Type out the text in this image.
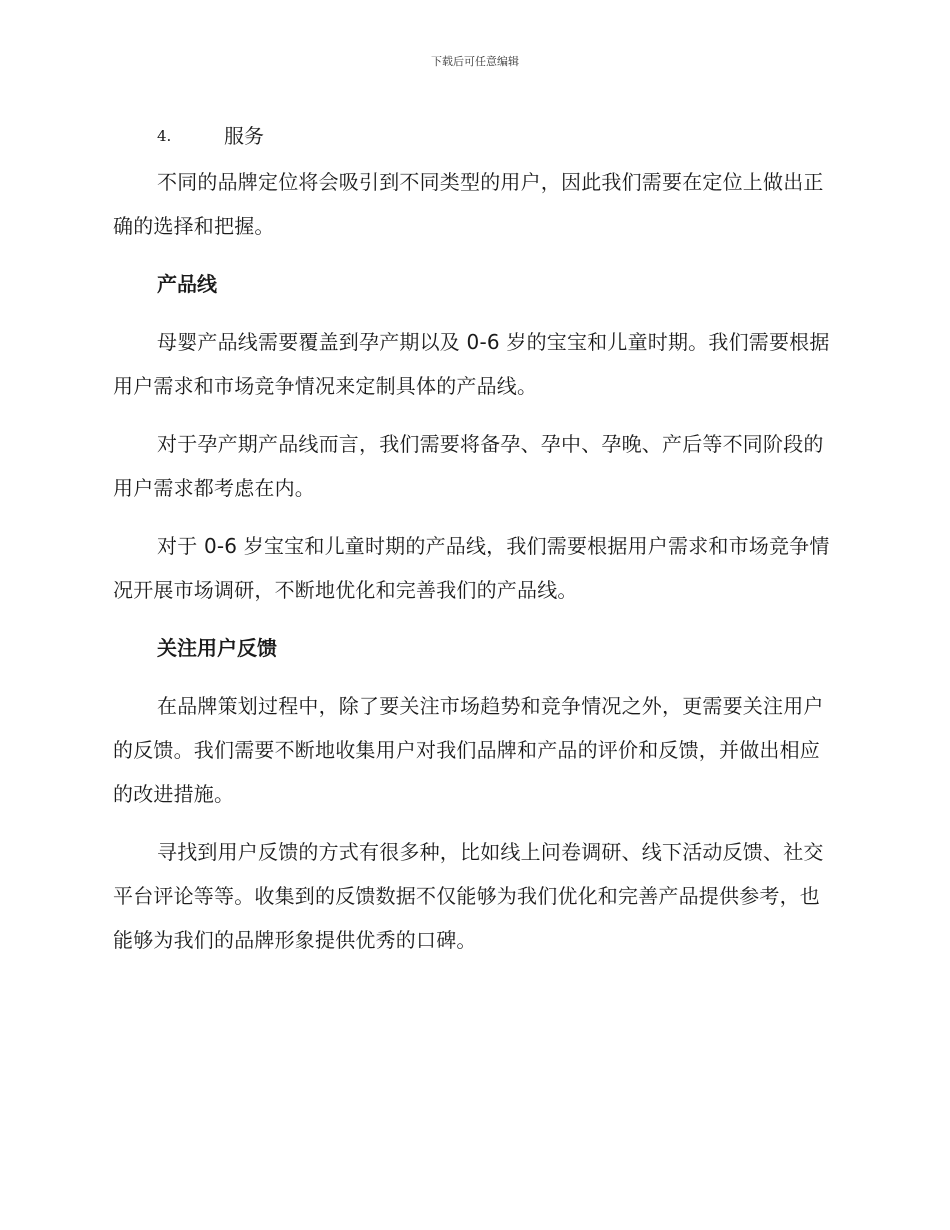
下载后可任意编辑
4.	服务

不同的品牌定位将会吸引到不同类型的用户，因此我们需要在定位上做出正确的选择和把握。

产品线

母婴产品线需要覆盖到孕产期以及 0-6 岁的宝宝和儿童时期。我们需要根据用户需求和市场竞争情况来定制具体的产品线。

对于孕产期产品线而言，我们需要将备孕、孕中、孕晚、产后等不同阶段的用户需求都考虑在内。

对于 0-6 岁宝宝和儿童时期的产品线，我们需要根据用户需求和市场竞争情况开展市场调研，不断地优化和完善我们的产品线。

关注用户反馈

在品牌策划过程中，除了要关注市场趋势和竞争情况之外，更需要关注用户的反馈。我们需要不断地收集用户对我们品牌和产品的评价和反馈，并做出相应的改进措施。

寻找到用户反馈的方式有很多种，比如线上问卷调研、线下活动反馈、社交平台评论等等。收集到的反馈数据不仅能够为我们优化和完善产品提供参考，也能够为我们的品牌形象提供优秀的口碑。
